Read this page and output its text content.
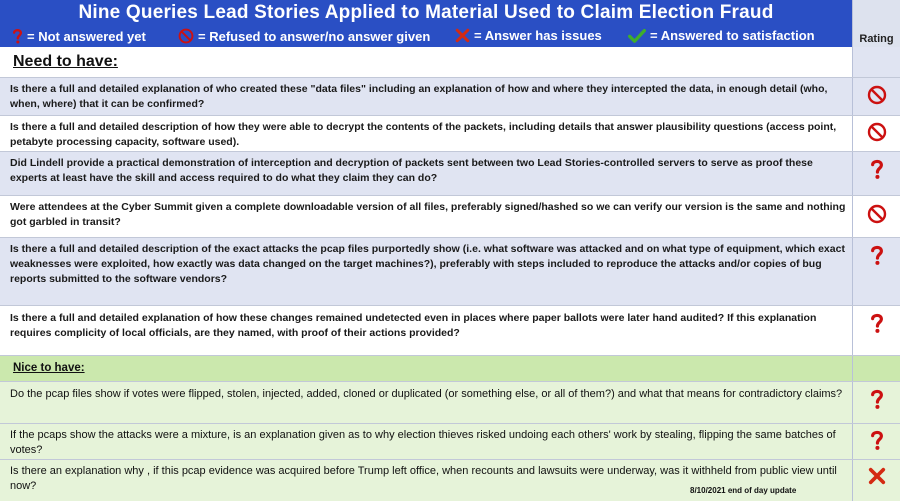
Nine Queries Lead Stories Applied to Material Used to Claim Election Fraud
= Not answered yet	= Refused to answer/no answer given	= Answer has issues	= Answered to satisfaction	Rating
Need to have:
Is there a full and detailed explanation of who created these "data files" including an explanation of how and where they intercepted the data, in enough detail (who, when, where) that it can be confirmed?
Is there a full and detailed description of how they were able to decrypt the contents of the packets, including details that answer plausibility questions (access point, petabyte processing capacity, software used).
Did Lindell provide a practical demonstration of interception and decryption of packets sent between two Lead Stories-controlled servers to serve as proof these experts at least have the skill and access required to do what they claim they can do?
Were attendees at the Cyber Summit given a complete downloadable version of all files, preferably signed/hashed so we can verify our version is the same and nothing got garbled in transit?
Is there a full and detailed description of the exact attacks the pcap files purportedly show (i.e. what software was attacked and on what type of equipment, which exact weaknesses were exploited, how exactly was data changed on the target machines?), preferably with steps included to reproduce the attacks and/or copies of bug reports submitted to the software vendors?
Is there a full and detailed explanation of how these changes remained undetected even in places where paper ballots were later hand audited? If this explanation requires complicity of local officials, are they named, with proof of their actions provided?
Nice to have:
Do the pcap files show if votes were flipped, stolen, injected, added, cloned or duplicated (or something else, or all of them?) and what that means for contradictory claims?
If the pcaps show the attacks were a mixture, is an explanation given as to why election thieves risked undoing each others' work by stealing, flipping the same batches of votes?
Is there an explanation why , if this pcap evidence was acquired before Trump left office, when recounts and lawsuits were underway, was it withheld from public view until now?	8/10/2021 end of day update
